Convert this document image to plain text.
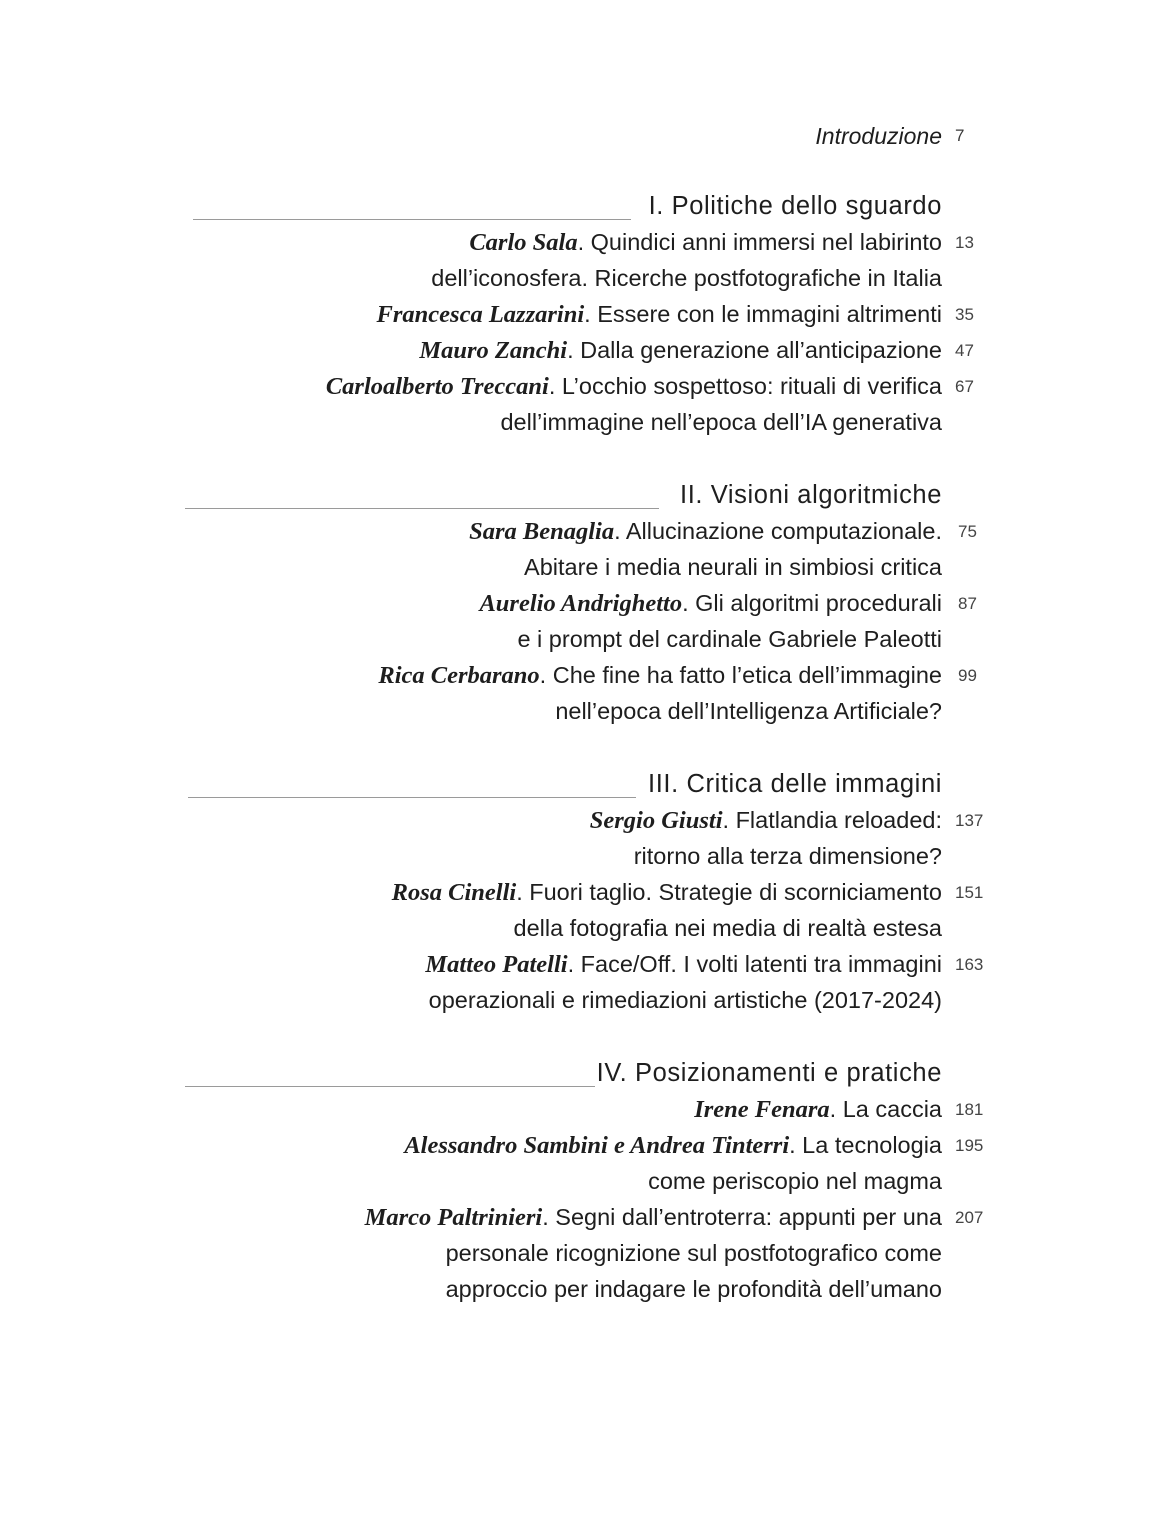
Introduzione 7
I. Politiche dello sguardo
Carlo Sala. Quindici anni immersi nel labirinto
dell’iconosfera. Ricerche postfotografiche in Italia
13
Francesca Lazzarini. Essere con le immagini altrimenti 35
Mauro Zanchi. Dalla generazione all’anticipazione 47
Carloalberto Treccani. L’occhio sospettoso: rituali di verifica
dell’immagine nell’epoca dell’IA generativa
67
II. Visioni algoritmiche
Sara Benaglia. Allucinazione computazionale.
Abitare i media neurali in simbiosi critica
75
Aurelio Andrighetto. Gli algoritmi procedurali
e i prompt del cardinale Gabriele Paleotti
87
Rica Cerbarano. Che fine ha fatto l’etica dell’immagine
nell’epoca dell’Intelligenza Artificiale?
99
III. Critica delle immagini
Sergio Giusti. Flatlandia reloaded:
ritorno alla terza dimensione?
137
Rosa Cinelli. Fuori taglio. Strategie di scorniciamento
della fotografia nei media di realtà estesa
151
Matteo Patelli. Face/Off. I volti latenti tra immagini
operazionali e rimediazioni artistiche (2017-2024)
163
IV. Posizionamenti e pratiche
Irene Fenara. La caccia 181
Alessandro Sambini e Andrea Tinterri. La tecnologia
come periscopio nel magma
195
Marco Paltrinieri. Segni dall’entroterra: appunti per una
personale ricognizione sul postfotografico come
approccio per indagare le profondità dell’umano
207
